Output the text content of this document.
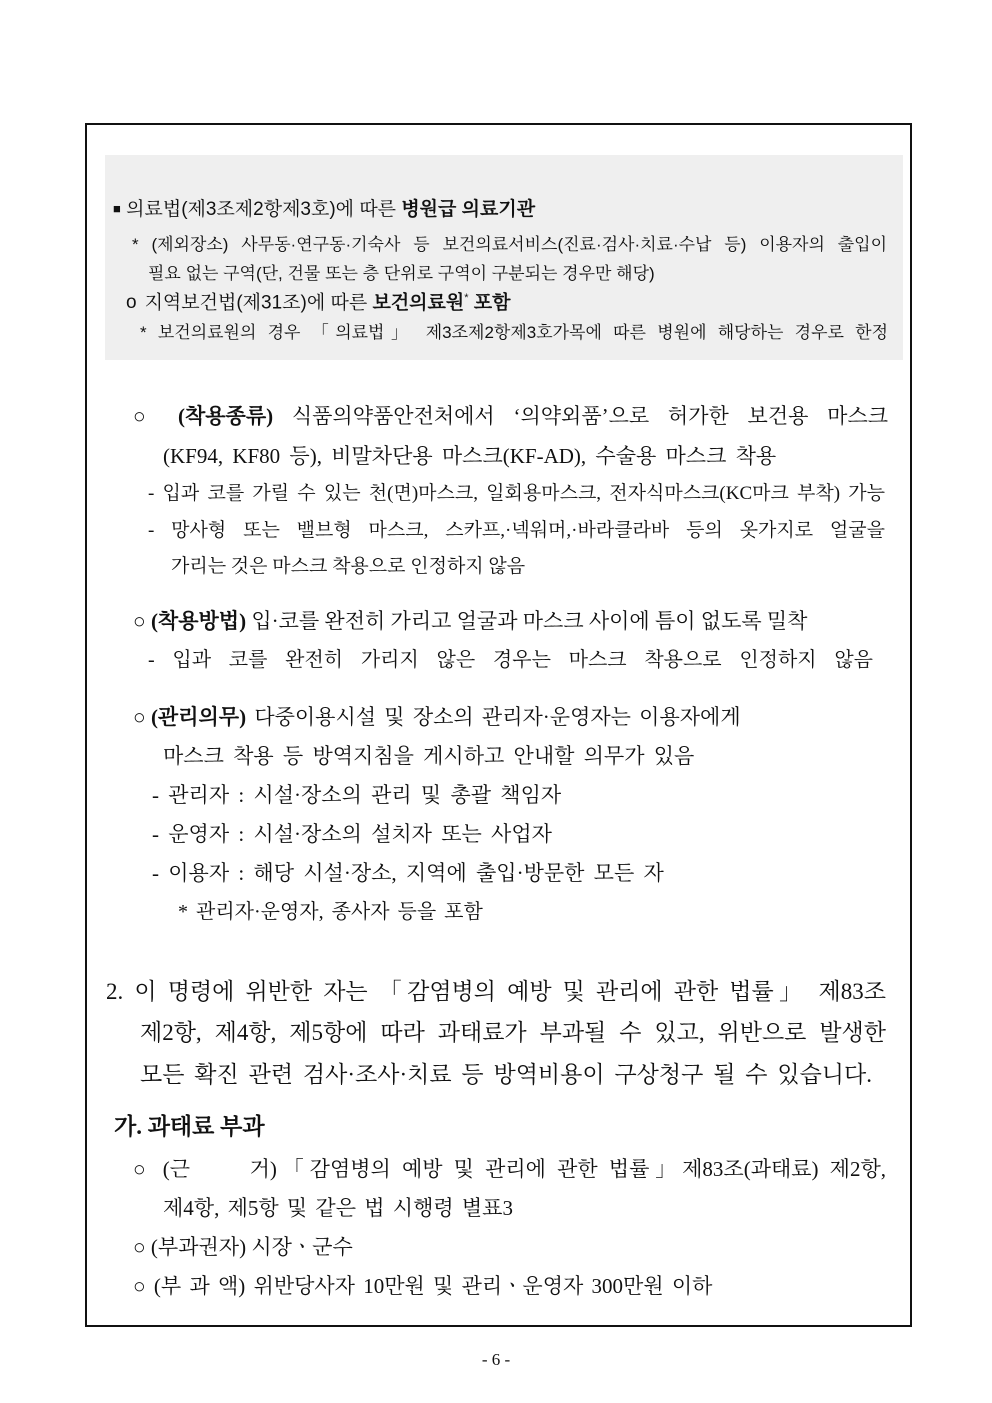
■ 의료법(제3조제2항제3호)에 따른 병원급 의료기관
* (제외장소) 사무동·연구동·기숙사 등 보건의료서비스(진료·검사·치료·수납 등) 이용자의 출입이
필요 없는 구역(단, 건물 또는 층 단위로 구역이 구분되는 경우만 해당)
o 지역보건법(제31조)에 따른 보건의료원* 포함
* 보건의료원의 경우 「의료법」 제3조제2항제3호가목에 따른 병원에 해당하는 경우로 한정
○ (착용종류) 식품의약품안전처에서 ‘의약외품’으로 허가한 보건용 마스크
(KF94, KF80 등), 비말차단용 마스크(KF-AD), 수술용 마스크 착용
- 입과 코를 가릴 수 있는 천(면)마스크, 일회용마스크, 전자식마스크(KC마크 부착) 가능
- 망사형 또는 밸브형 마스크, 스카프,·넥워머,·바라클라바 등의 옷가지로 얼굴을
가리는 것은 마스크 착용으로 인정하지 않음
○ (착용방법) 입·코를 완전히 가리고 얼굴과 마스크 사이에 틈이 없도록 밀착
- 입과 코를 완전히 가리지 않은 경우는 마스크 착용으로 인정하지 않음
○ (관리의무) 다중이용시설 및 장소의 관리자·운영자는 이용자에게
마스크 착용 등 방역지침을 게시하고 안내할 의무가 있음
- 관리자 : 시설·장소의 관리 및 총괄 책임자
- 운영자 : 시설·장소의 설치자 또는 사업자
- 이용자 : 해당 시설·장소, 지역에 출입·방문한 모든 자
* 관리자·운영자, 종사자 등을 포함
2. 이 명령에 위반한 자는 「감염병의 예방 및 관리에 관한 법률」 제83조
제2항, 제4항, 제5항에 따라 과태료가 부과될 수 있고, 위반으로 발생한
모든 확진 관련 검사·조사·치료 등 방역비용이 구상청구 될 수 있습니다.
가. 과태료 부과
○ (근　　거)「감염병의 예방 및 관리에 관한 법률」제83조(과태료) 제2항,
제4항, 제5항 및 같은 법 시행령 별표3
○ (부과권자) 시장ㆍ군수
○ (부 과 액) 위반당사자 10만원 및 관리ㆍ운영자 300만원 이하
- 6 -
